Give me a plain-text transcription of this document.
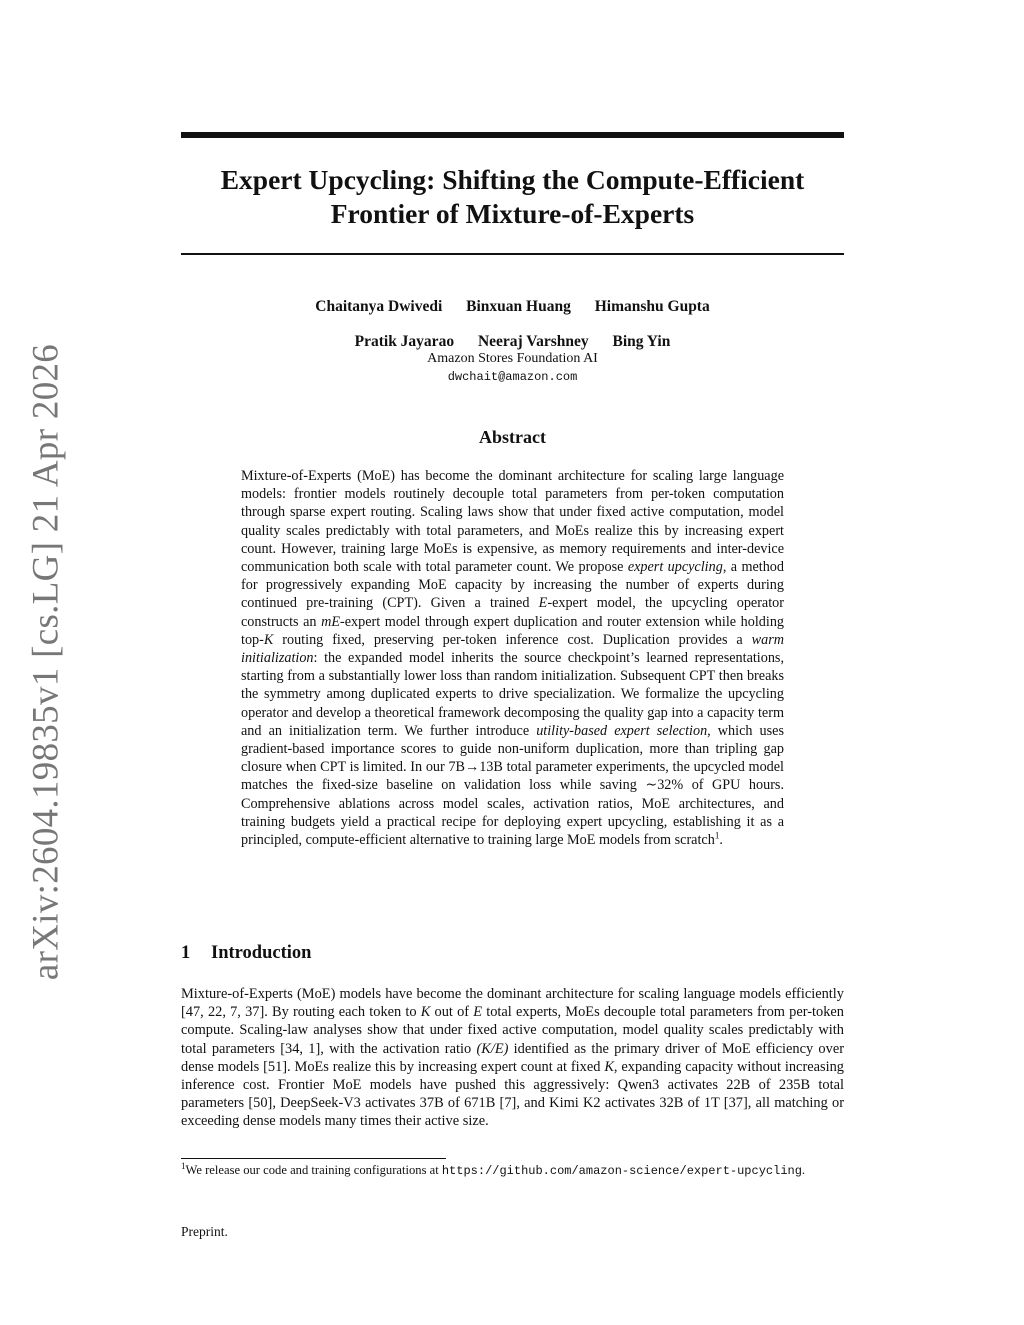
arXiv:2604.19835v1 [cs.LG] 21 Apr 2026
Expert Upcycling: Shifting the Compute-Efficient
Frontier of Mixture-of-Experts
Chaitanya Dwivedi Binxuan Huang Himanshu Gupta
Pratik Jayarao Neeraj Varshney Bing Yin
Amazon Stores Foundation AI
dwchait@amazon.com
Abstract
Mixture-of-Experts (MoE) has become the dominant architecture for scaling large language models: frontier models routinely decouple total parameters from per-token computation through sparse expert routing. Scaling laws show that under fixed active computation, model quality scales predictably with total parameters, and MoEs realize this by increasing expert count. However, training large MoEs is expensive, as memory requirements and inter-device communication both scale with total parameter count. We propose expert upcycling, a method for progressively expanding MoE capacity by increasing the number of experts during continued pre-training (CPT). Given a trained E-expert model, the upcycling operator constructs an mE-expert model through expert duplication and router extension while holding top-K routing fixed, preserving per-token inference cost. Duplication provides a warm initialization: the expanded model inherits the source checkpoint’s learned representations, starting from a substantially lower loss than random initialization. Subsequent CPT then breaks the symmetry among duplicated experts to drive specialization. We formalize the upcycling operator and develop a theoretical framework decomposing the quality gap into a capacity term and an initialization term. We further introduce utility-based expert selection, which uses gradient-based importance scores to guide non-uniform duplication, more than tripling gap closure when CPT is limited. In our 7B→13B total parameter experiments, the upcycled model matches the fixed-size baseline on validation loss while saving ∼32% of GPU hours. Comprehensive ablations across model scales, activation ratios, MoE architectures, and training budgets yield a practical recipe for deploying expert upcycling, establishing it as a principled, compute-efficient alternative to training large MoE models from scratch$^1$.
1 Introduction
Mixture-of-Experts (MoE) models have become the dominant architecture for scaling language models efficiently [47, 22, 7, 37]. By routing each token to K out of E total experts, MoEs decouple total parameters from per-token compute. Scaling-law analyses show that under fixed active computation, model quality scales predictably with total parameters [34, 1], with the activation ratio (K/E) identified as the primary driver of MoE efficiency over dense models [51]. MoEs realize this by increasing expert count at fixed K, expanding capacity without increasing inference cost. Frontier MoE models have pushed this aggressively: Qwen3 activates 22B of 235B total parameters [50], DeepSeek-V3 activates 37B of 671B [7], and Kimi K2 activates 32B of 1T [37], all matching or exceeding dense models many times their active size.
$^1$We release our code and training configurations at https://github.com/amazon-science/expert-upcycling.
Preprint.
